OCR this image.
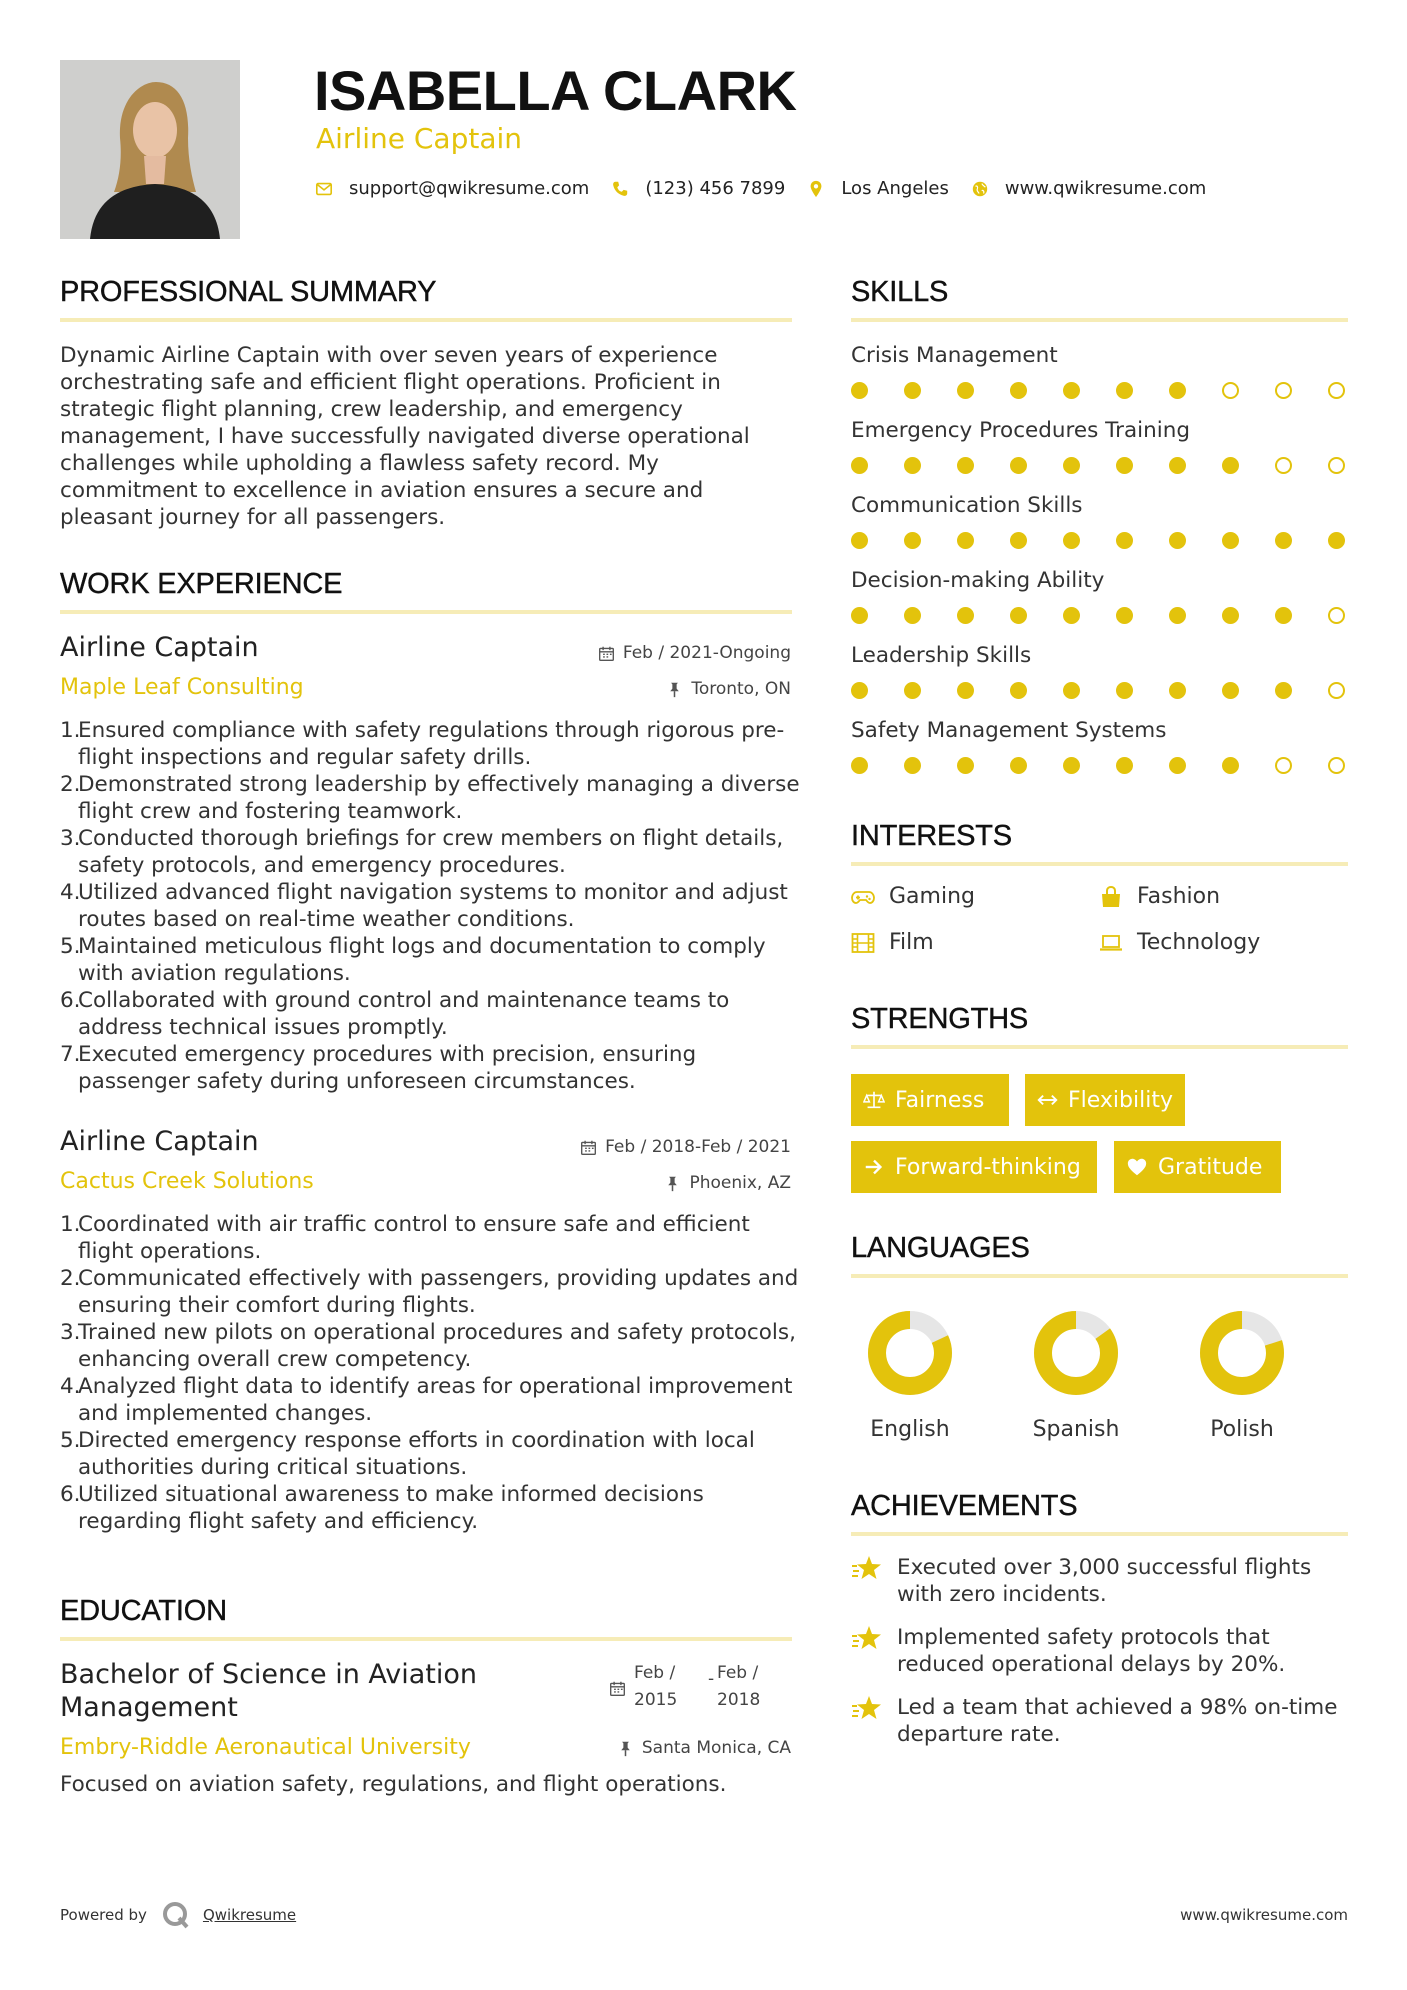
ISABELLA CLARK
Airline Captain
support@qwikresume.com	(123) 456 7899	Los Angeles	www.qwikresume.com
PROFESSIONAL SUMMARY
Dynamic Airline Captain with over seven years of experience orchestrating safe and efficient flight operations. Proficient in strategic flight planning, crew leadership, and emergency management, I have successfully navigated diverse operational challenges while upholding a flawless safety record. My commitment to excellence in aviation ensures a secure and pleasant journey for all passengers.
WORK EXPERIENCE
Airline Captain	Feb / 2021-Ongoing
Maple Leaf Consulting	Toronto, ON
1.
Ensured compliance with safety regulations through rigorous pre-flight inspections and regular safety drills.
2.
Demonstrated strong leadership by effectively managing a diverse flight crew and fostering teamwork.
3.
Conducted thorough briefings for crew members on flight details, safety protocols, and emergency procedures.
4.
Utilized advanced flight navigation systems to monitor and adjust routes based on real-time weather conditions.
5.
Maintained meticulous flight logs and documentation to comply with aviation regulations.
6.
Collaborated with ground control and maintenance teams to address technical issues promptly.
7.
Executed emergency procedures with precision, ensuring passenger safety during unforeseen circumstances.
Airline Captain	Feb / 2018-Feb / 2021
Cactus Creek Solutions	Phoenix, AZ
1.
Coordinated with air traffic control to ensure safe and efficient flight operations.
2.
Communicated effectively with passengers, providing updates and ensuring their comfort during flights.
3.
Trained new pilots on operational procedures and safety protocols, enhancing overall crew competency.
4.
Analyzed flight data to identify areas for operational improvement and implemented changes.
5.
Directed emergency response efforts in coordination with local authorities during critical situations.
6.
Utilized situational awareness to make informed decisions regarding flight safety and efficiency.
EDUCATION
Bachelor of Science in Aviation Management
Feb /
2015
- Feb /
2018
Embry-Riddle Aeronautical University	Santa Monica, CA
Focused on aviation safety, regulations, and flight operations.
SKILLS
Crisis Management
Emergency Procedures Training
Communication Skills
Decision-making Ability
Leadership Skills
Safety Management Systems
INTERESTS
Gaming	Fashion
Film	Technology
STRENGTHS
Fairness	Flexibility
Forward-thinking	Gratitude
LANGUAGES
English	Spanish	Polish
ACHIEVEMENTS
Executed over 3,000 successful flights with zero incidents.
Implemented safety protocols that reduced operational delays by 20%.
Led a team that achieved a 98% on-time departure rate.
Powered by	Qwikresume	www.qwikresume.com
